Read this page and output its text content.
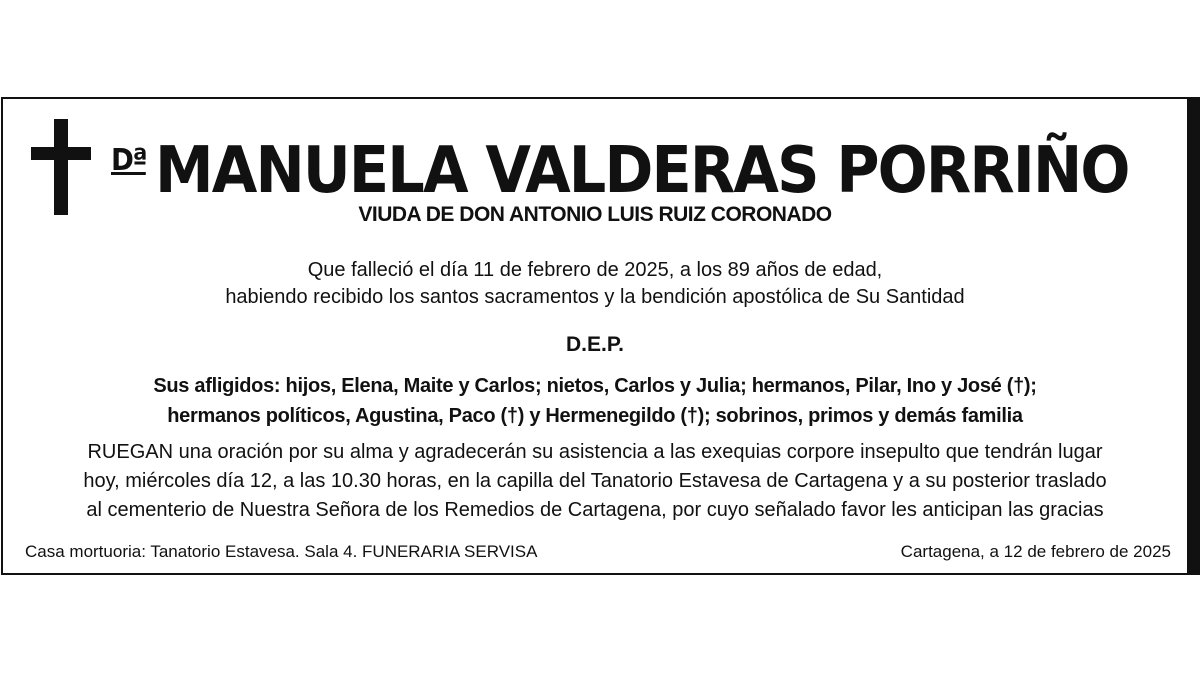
$^{Dª}$ MANUELA VALDERAS PORRIÑO
VIUDA DE DON ANTONIO LUIS RUIZ CORONADO
Que falleció el día 11 de febrero de 2025, a los 89 años de edad,
habiendo recibido los santos sacramentos y la bendición apostólica de Su Santidad
D.E.P.
Sus afligidos: hijos, Elena, Maite y Carlos; nietos, Carlos y Julia; hermanos, Pilar, Ino y José (†);
hermanos políticos, Agustina, Paco (†) y Hermenegildo (†); sobrinos, primos y demás familia
RUEGAN una oración por su alma y agradecerán su asistencia a las exequias corpore insepulto que tendrán lugar
hoy, miércoles día 12, a las 10.30 horas, en la capilla del Tanatorio Estavesa de Cartagena y a su posterior traslado
al cementerio de Nuestra Señora de los Remedios de Cartagena, por cuyo señalado favor les anticipan las gracias
Casa mortuoria: Tanatorio Estavesa. Sala 4. FUNERARIA SERVISA	Cartagena, a 12 de febrero de 2025
